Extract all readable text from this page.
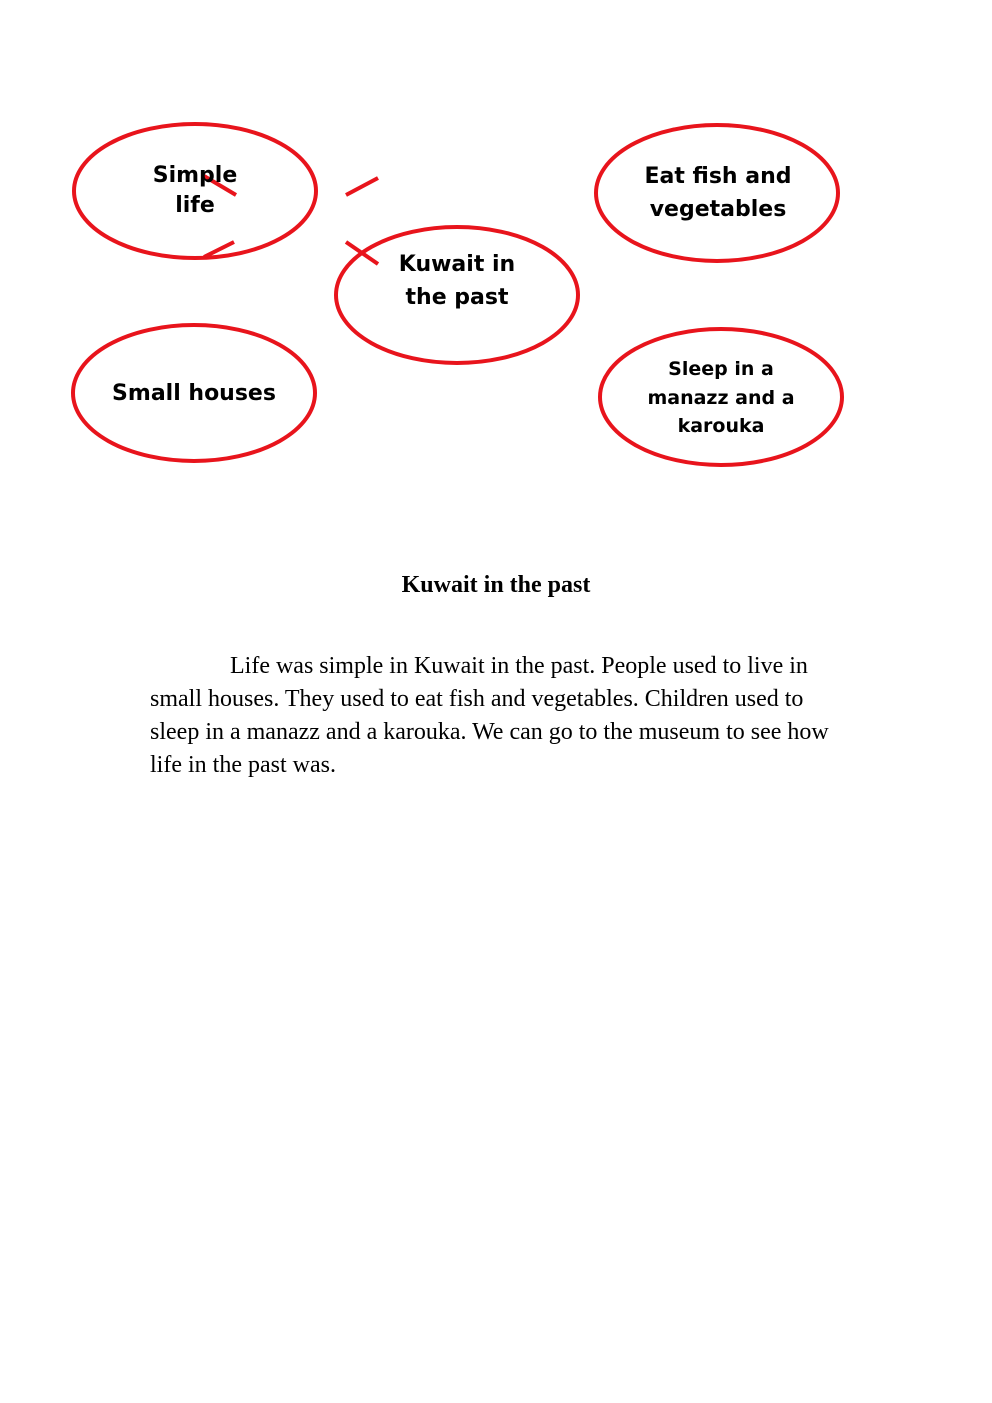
Simple life
Eat fish and vegetables
Kuwait in the past
Small houses
Sleep in a manazz and a karouka
Kuwait in the past
Life was simple in Kuwait in the past. People used to live in small houses. They used to eat fish and vegetables. Children used to sleep in a manazz and a karouka. We can go to the museum to see how life in the past was.
